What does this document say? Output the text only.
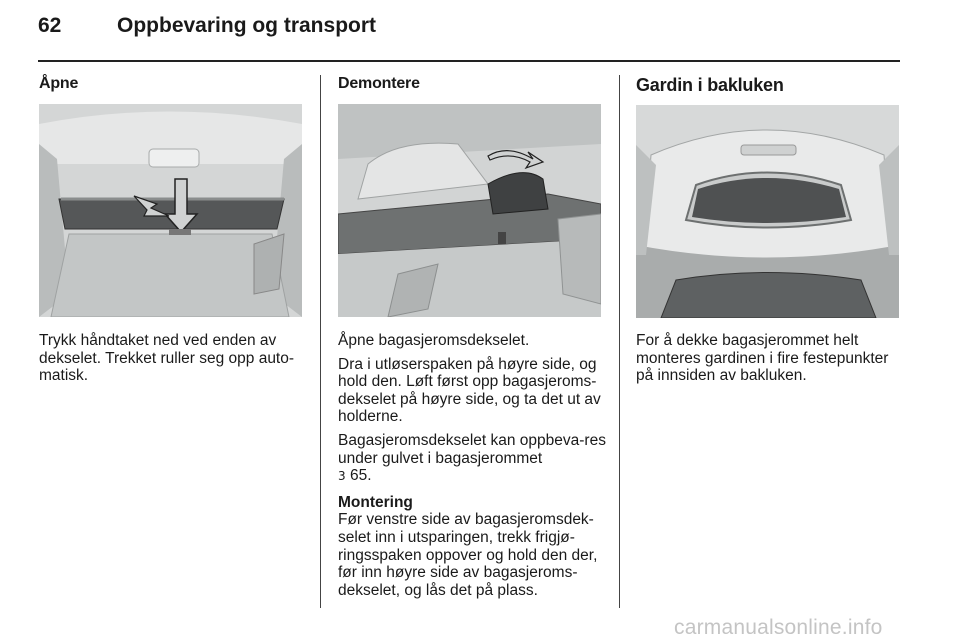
62	Oppbevaring og transport
Åpne

Trykk håndtaket ned ved enden av dekselet. Trekket ruller seg opp auto-matisk.

Demontere

Åpne bagasjeromsdekselet.

Dra i utløserspaken på høyre side, og hold den. Løft først opp bagasjeroms-dekselet på høyre side, og ta det ut av holderne.

Bagasjeromsdekselet kan oppbeva-res under gulvet i bagasjerommet
3 65.

Montering

Før venstre side av bagasjeromsdek-selet inn i utsparingen, trekk frigjø-ringsspaken oppover og hold den der, før inn høyre side av bagasjeroms-dekselet, og lås det på plass.

Gardin i bakluken

For å dekke bagasjerommet helt monteres gardinen i fire festepunkter på innsiden av bakluken.

carmanualsonline.info
